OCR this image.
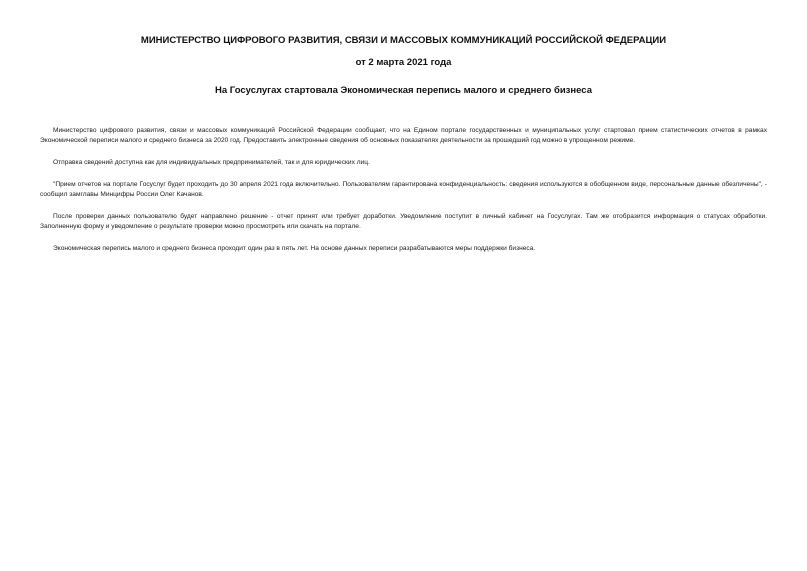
МИНИСТЕРСТВО ЦИФРОВОГО РАЗВИТИЯ, СВЯЗИ И МАССОВЫХ КОММУНИКАЦИЙ РОССИЙСКОЙ ФЕДЕРАЦИИ
от 2 марта 2021 года
На Госуслугах стартовала Экономическая перепись малого и среднего бизнеса

Министерство цифрового развития, связи и массовых коммуникаций Российской Федерации сообщает, что на Едином портале государственных и муниципальных услуг стартовал прием статистических отчетов в рамках Экономической переписи малого и среднего бизнеса за 2020 год. Предоставить электронные сведения об основных показателях деятельности за прошедший год можно в упрощенном режиме.

Отправка сведений доступна как для индивидуальных предпринимателей, так и для юридических лиц.

"Прием отчетов на портале Госуслуг будет проходить до 30 апреля 2021 года включительно. Пользователям гарантирована конфиденциальность: сведения используются в обобщенном виде, персональные данные обезличены", - сообщил замглавы Минцифры России Олег Качанов.

После проверки данных пользователю будет направлено решение - отчет принят или требует доработки. Уведомление поступит в личный кабинет на Госуслугах. Там же отобразится информация о статусах обработки. Заполненную форму и уведомление о результате проверки можно просмотреть или скачать на портале.

Экономическая перепись малого и среднего бизнеса проходит один раз в пять лет. На основе данных переписи разрабатываются меры поддержки бизнеса.
